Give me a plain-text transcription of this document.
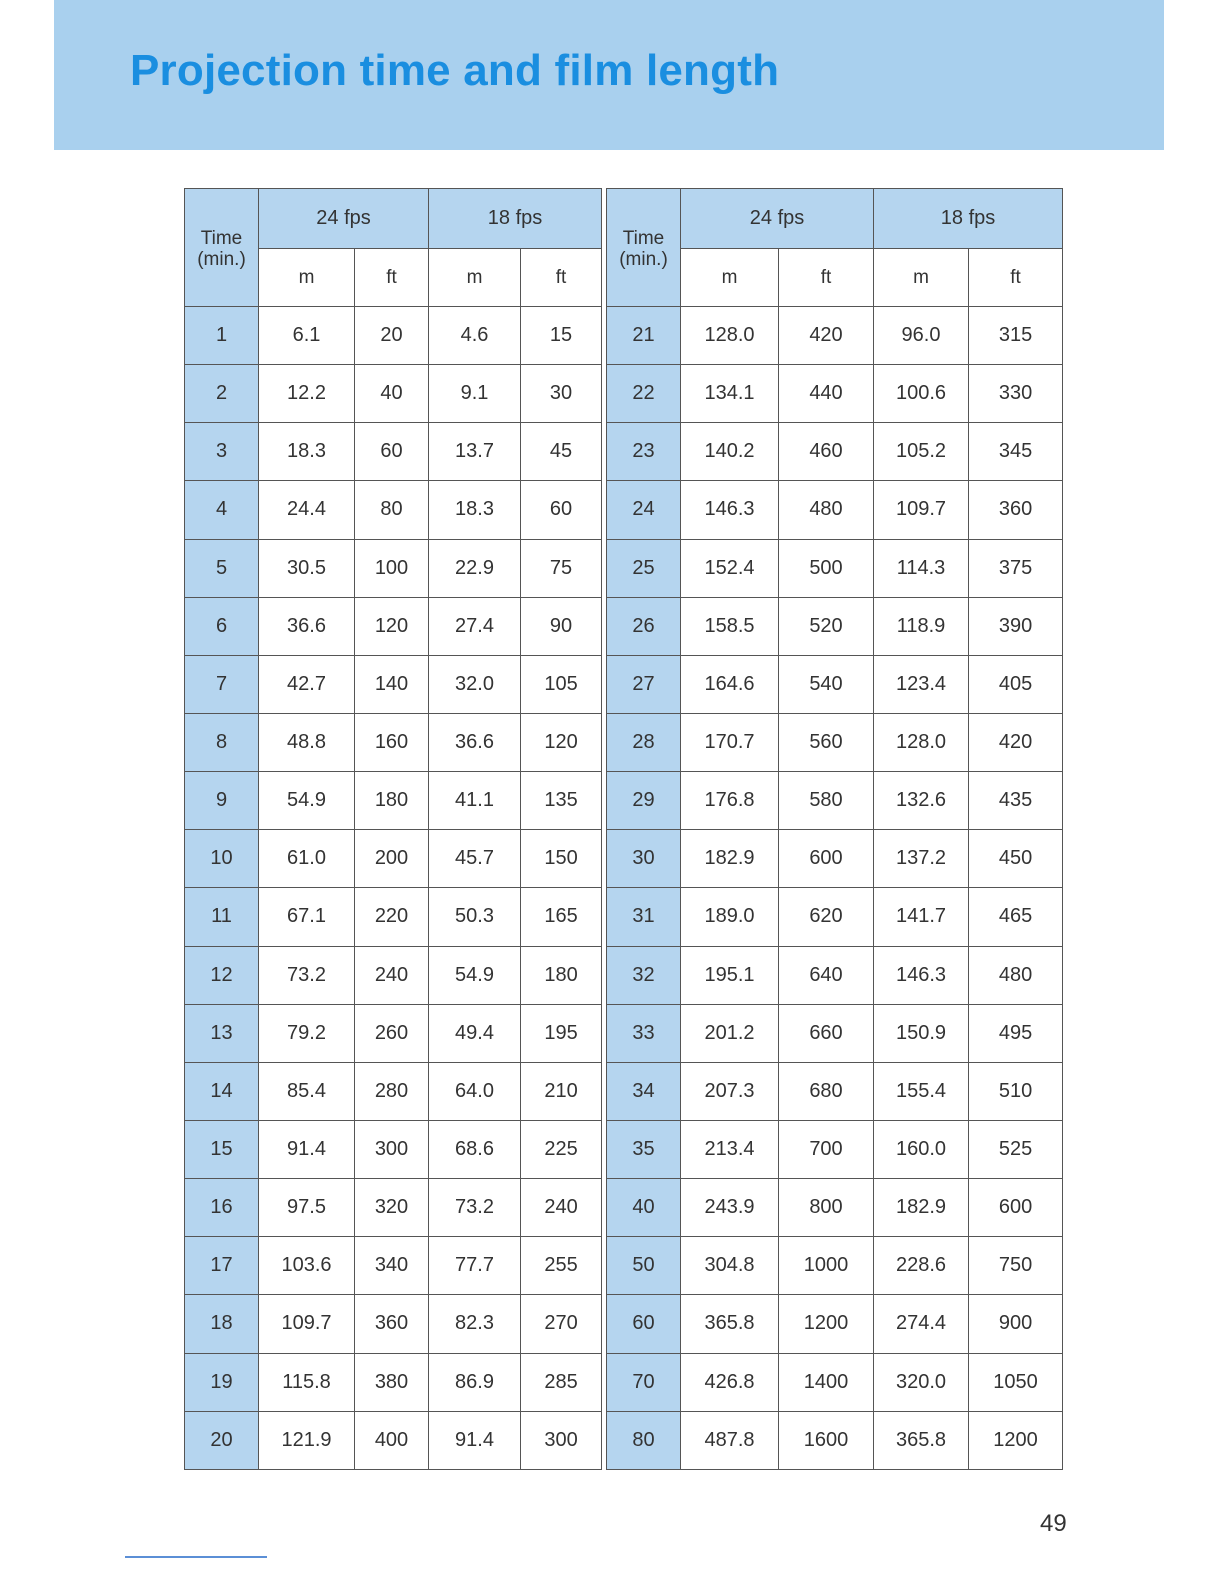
Projection time and film length
Time
(min.)	24 fps		18 fps	
	m	ft	m	ft
1	6.1	20	4.6	15
2	12.2	40	9.1	30
3	18.3	60	13.7	45
4	24.4	80	18.3	60
5	30.5	100	22.9	75
6	36.6	120	27.4	90
7	42.7	140	32.0	105
8	48.8	160	36.6	120
9	54.9	180	41.1	135
10	61.0	200	45.7	150
11	67.1	220	50.3	165
12	73.2	240	54.9	180
13	79.2	260	49.4	195
14	85.4	280	64.0	210
15	91.4	300	68.6	225
16	97.5	320	73.2	240
17	103.6	340	77.7	255
18	109.7	360	82.3	270
19	115.8	380	86.9	285
20	121.9	400	91.4	300
Time
(min.)	24 fps		18 fps	
	m	ft	m	ft
21	128.0	420	96.0	315
22	134.1	440	100.6	330
23	140.2	460	105.2	345
24	146.3	480	109.7	360
25	152.4	500	114.3	375
26	158.5	520	118.9	390
27	164.6	540	123.4	405
28	170.7	560	128.0	420
29	176.8	580	132.6	435
30	182.9	600	137.2	450
31	189.0	620	141.7	465
32	195.1	640	146.3	480
33	201.2	660	150.9	495
34	207.3	680	155.4	510
35	213.4	700	160.0	525
40	243.9	800	182.9	600
50	304.8	1000	228.6	750
60	365.8	1200	274.4	900
70	426.8	1400	320.0	1050
80	487.8	1600	365.8	1200
49
